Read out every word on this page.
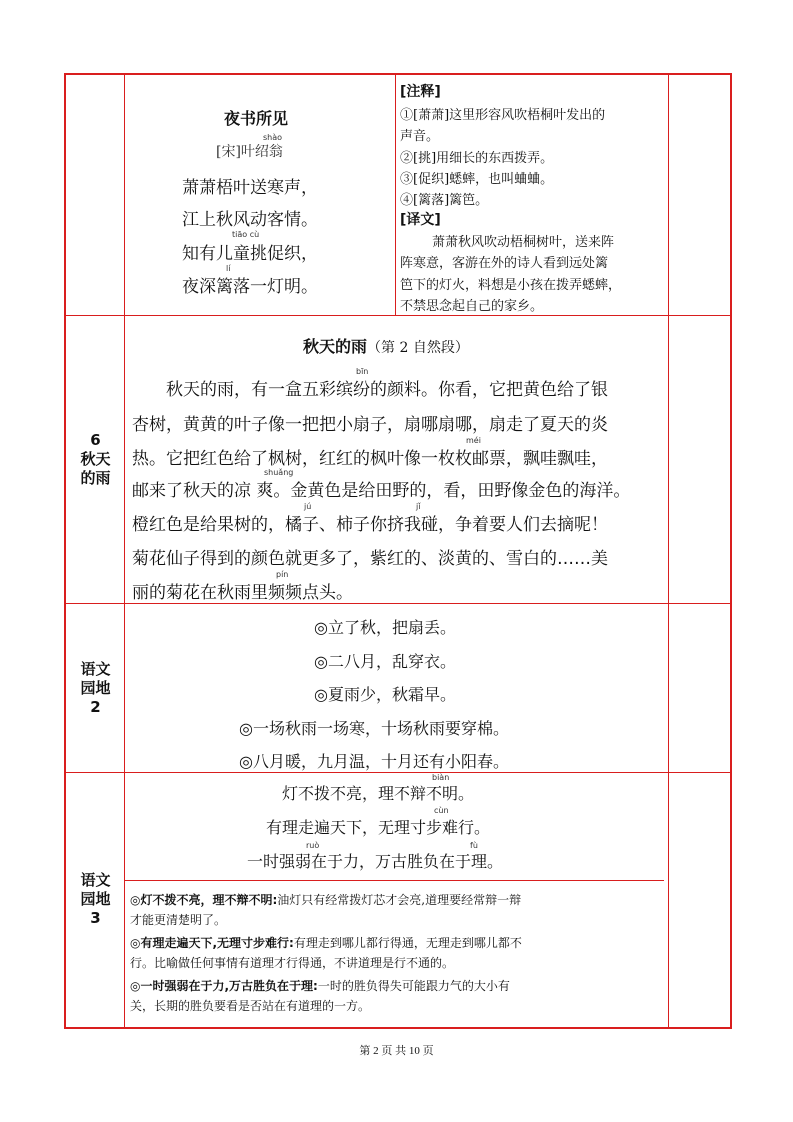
夜书所见
shào
[宋]叶绍翁
萧萧梧叶送寒声，
江上秋风动客情。
tiāo cù
知有儿童挑促织，
lí
夜深篱落一灯明。
[注释]
①[萧萧]这里形容风吹梧桐叶发出的
声音。
②[挑]用细长的东西拨弄。
③[促织]蟋蟀，也叫蛐蛐。
④[篱落]篱笆。
[译文]
萧萧秋风吹动梧桐树叶，送来阵
阵寒意，客游在外的诗人看到远处篱
笆下的灯火，料想是小孩在拨弄蟋蟀，
不禁思念起自己的家乡。
6
秋天
的雨
秋天的雨（第 2 自然段）
bīn
秋天的雨，有一盒五彩缤纷的颜料。你看，它把黄色给了银
杏树，黄黄的叶子像一把把小扇子，扇哪扇哪，扇走了夏天的炎
méi
热。它把红色给了枫树，红红的枫叶像一枚枚邮票，飘哇飘哇，
shuǎng
邮来了秋天的凉 爽。金黄色是给田野的，看，田野像金色的海洋。
jú	jǐ
橙红色是给果树的，橘子、柿子你挤我碰，争着要人们去摘呢！
菊花仙子得到的颜色就更多了，紫红的、淡黄的、雪白的……美
pín
丽的菊花在秋雨里频频点头。
语文
园地
2
◎立了秋，把扇丢。
◎二八月，乱穿衣。
◎夏雨少，秋霜早。
◎一场秋雨一场寒，十场秋雨要穿棉。
◎八月暖，九月温，十月还有小阳春。
语文
园地
3
biàn
灯不拨不亮，理不辩不明。
cùn
有理走遍天下，无理寸步难行。
ruò	fù
一时强弱在于力，万古胜负在于理。
◎灯不拨不亮，理不辩不明:油灯只有经常拨灯芯才会亮,道理要经常辩一辩
才能更清楚明了。
◎有理走遍天下,无理寸步难行:有理走到哪儿都行得通，无理走到哪儿都不
行。比喻做任何事情有道理才行得通，不讲道理是行不通的。
◎一时强弱在于力,万古胜负在于理:一时的胜负得失可能跟力气的大小有
关，长期的胜负要看是否站在有道理的一方。
第 2 页 共 10 页
